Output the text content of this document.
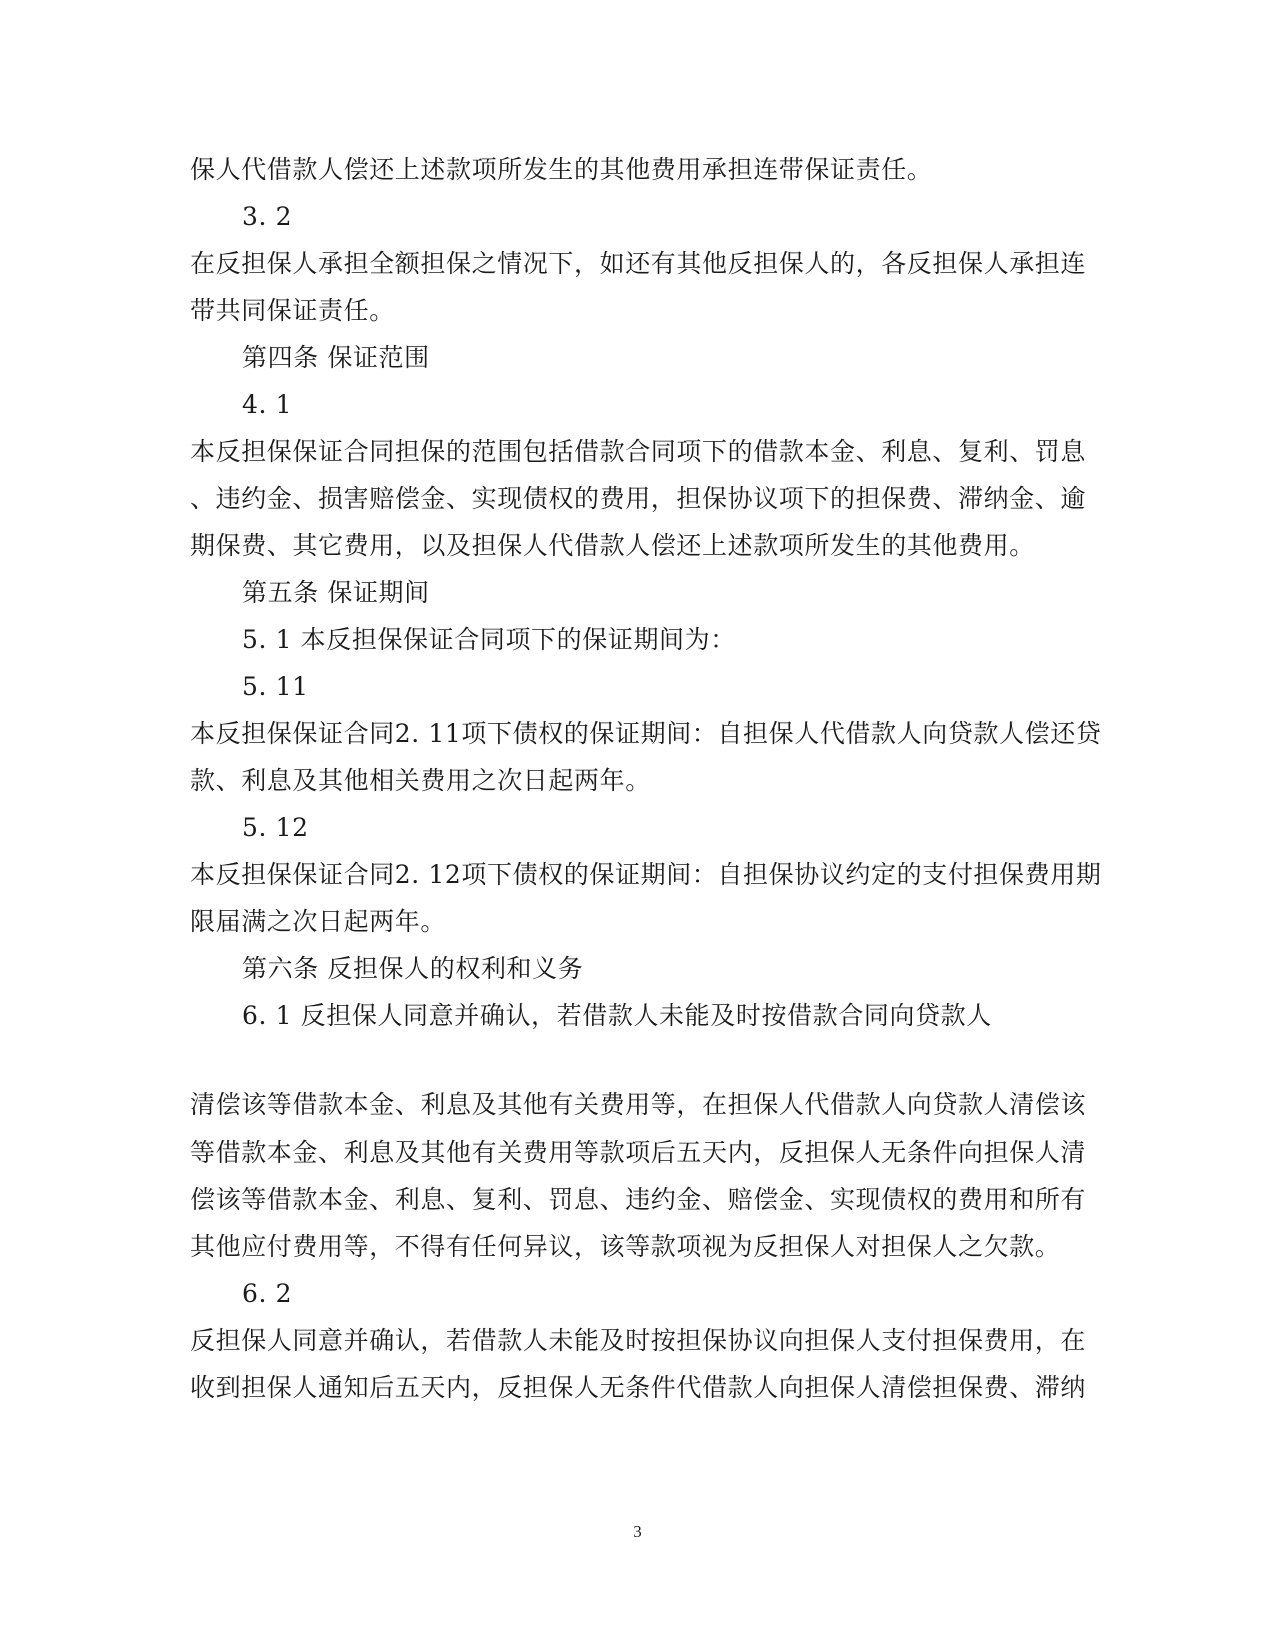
保人代借款人偿还上述款项所发生的其他费用承担连带保证责任。
3. 2
在反担保人承担全额担保之情况下，如还有其他反担保人的，各反担保人承担连
带共同保证责任。
第四条 保证范围
4. 1
本反担保保证合同担保的范围包括借款合同项下的借款本金、利息、复利、罚息
、违约金、损害赔偿金、实现债权的费用，担保协议项下的担保费、滞纳金、逾
期保费、其它费用，以及担保人代借款人偿还上述款项所发生的其他费用。
第五条 保证期间
5. 1 本反担保保证合同项下的保证期间为：
5. 11
本反担保保证合同2. 11项下债权的保证期间：自担保人代借款人向贷款人偿还贷
款、利息及其他相关费用之次日起两年。
5. 12
本反担保保证合同2. 12项下债权的保证期间：自担保协议约定的支付担保费用期
限届满之次日起两年。
第六条 反担保人的权利和义务
6. 1 反担保人同意并确认，若借款人未能及时按借款合同向贷款人
清偿该等借款本金、利息及其他有关费用等，在担保人代借款人向贷款人清偿该
等借款本金、利息及其他有关费用等款项后五天内，反担保人无条件向担保人清
偿该等借款本金、利息、复利、罚息、违约金、赔偿金、实现债权的费用和所有
其他应付费用等，不得有任何异议，该等款项视为反担保人对担保人之欠款。
6. 2
反担保人同意并确认，若借款人未能及时按担保协议向担保人支付担保费用，在
收到担保人通知后五天内，反担保人无条件代借款人向担保人清偿担保费、滞纳
3
